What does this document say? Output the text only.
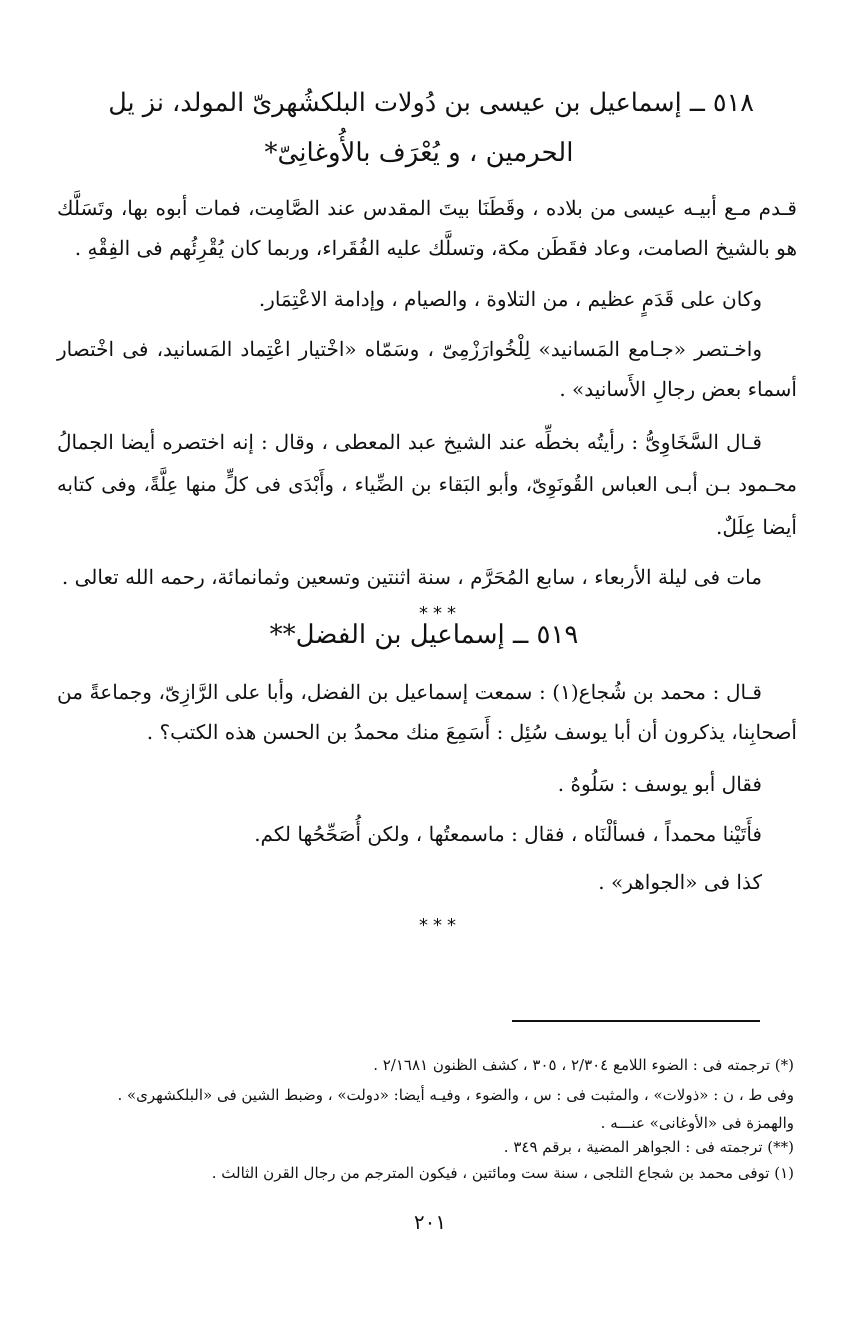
٥١٨ ــ إسماعيل بن عيسى بن دُولات البلكشُهرىّ المولد، نز يل
الحرمين ، و يُعْرَف بالأُوغانِىّ*
قـدم مـع أبيـه عيسى من بلاده ، وقَطَنَا بيتَ المقدس عند الصَّامِت، فمات أبوه بها، وتَسَلَّك
هو بالشيخ الصامت، وعاد فقَطَن مكة، وتسلَّك عليه الفُقَراء، وربما كان يُقْرِئُهم فى الفِقْهِ .
وكان على قَدَمٍ عظيم ، من التلاوة ، والصيام ، وإدامة الاعْتِمَار.
واخـتصر «جـامع المَسانيد» لِلْخُوارَزْمِىّ ، وسَمّاه «اخْتيار اعْتِماد المَسانيد، فى اخْتصار
أسماء بعض رجالِ الأَسانيد» .
قـال السَّخَاوِىُّ : رأيتُه بخطِّه عند الشيخ عبد المعطى ، وقال : إنه اختصره أيضا الجمالُ
محـمود بـن أبـى العباس القُونَوِىّ، وأبو البَقاء بن الضِّياء ، وأَبْدَى فى كلٍّ منها عِلَّةً، وفى كتابه
أيضا عِلَلٌ.
مات فى ليلة الأربعاء ، سابع المُحَرَّم ، سنة اثنتين وتسعين وثمانمائة، رحمه الله تعالى .
***
٥١٩ ــ إسماعيل بن الفضل**
قـال : محمد بن شُجاع(١) : سمعت إسماعيل بن الفضل، وأبا على الرَّازِىّ، وجماعةً من
أصحابِنا، يذكرون أن أبا يوسف سُئِل : أَسَمِعَ منك محمدُ بن الحسن هذه الكتب؟ .
فقال أبو يوسف : سَلُوهُ .
فأَتَيْنا محمداً ، فسألْنَاه ، فقال : ماسمعتُها ، ولكن أُصَحِّحُها لكم.
كذا فى «الجواهر» .
***
(*) ترجمته فى : الضوء اللامع ٢/٣٠٤ ، ٣٠٥ ، كشف الظنون ٢/١٦٨١ .
وفى ط ، ن : «ذولات» ، والمثبت فى : س ، والضوء ، وفيـه أيضا: «دولت» ، وضبط الشين فى «البلكشهرى» .
والهمزة فى «الأوغانى» عنـــه .
(**) ترجمته فى : الجواهر المضية ، برقم ٣٤٩ .
(١) توفى محمد بن شجاع الثلجى ، سنة ست ومائتين ، فيكون المترجم من رجال القرن الثالث .
٢٠١
